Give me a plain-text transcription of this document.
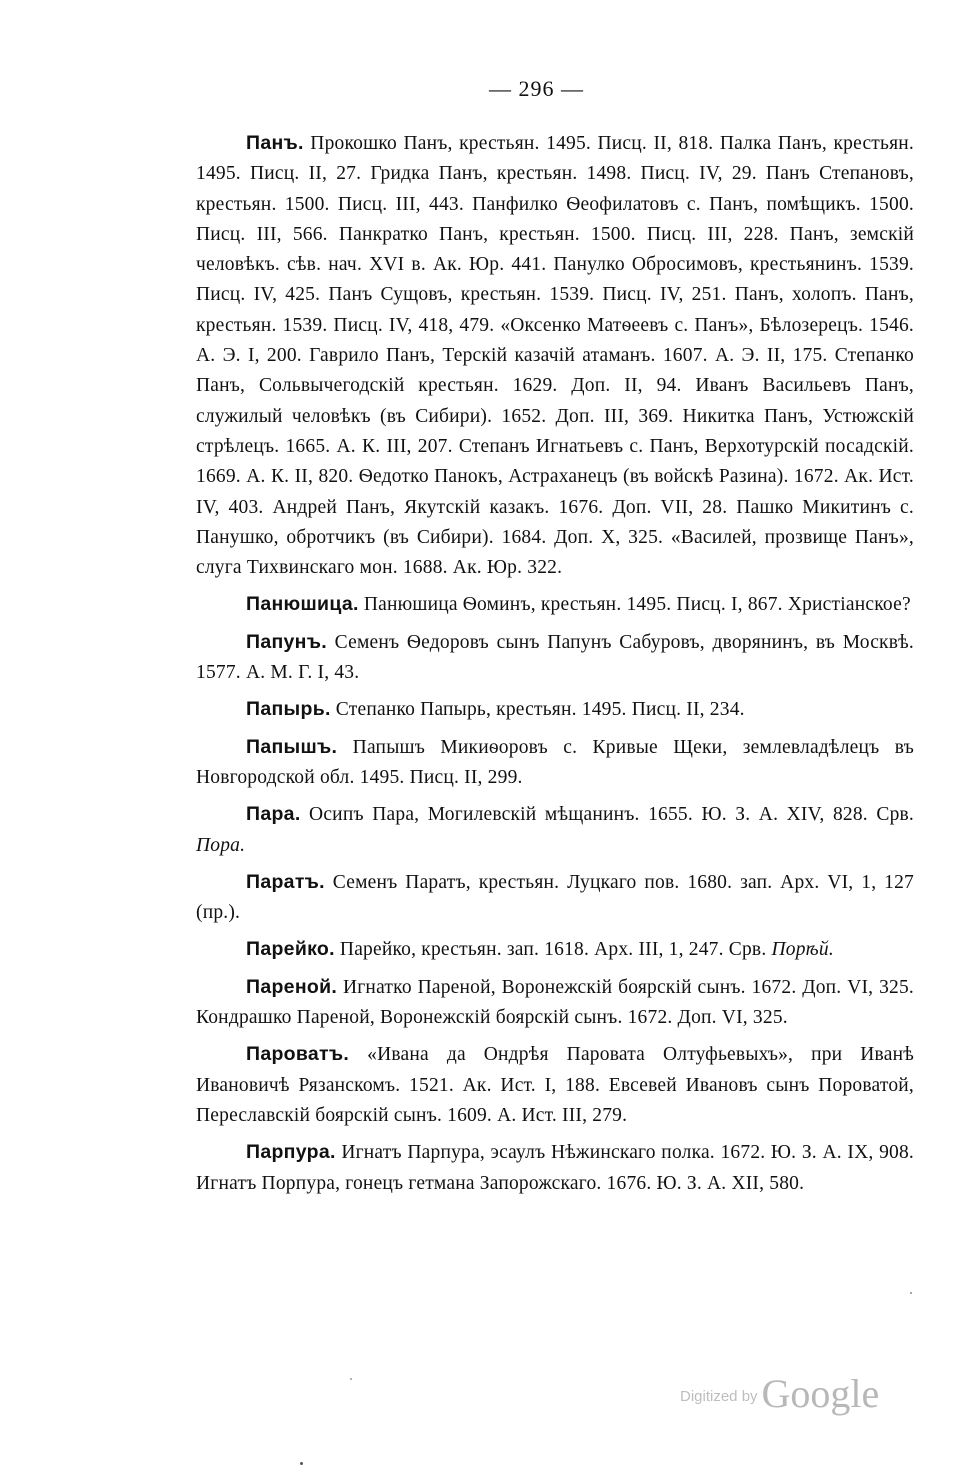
— 296 —
Панъ. Прокошко Панъ, крестьян. 1495. Писц. II, 818. Палка Панъ, крестьян. 1495. Писц. II, 27. Гридка Панъ, крестьян. 1498. Писц. IV, 29. Панъ Степановъ, крестьян. 1500. Писц. III, 443. Панфилко Ѳеофилатовъ с. Панъ, помѣщикъ. 1500. Писц. III, 566. Панкратко Панъ, крестьян. 1500. Писц. III, 228. Панъ, земскій человѣкъ. сѣв. нач. XVI в. Ак. Юр. 441. Панулко Обросимовъ, крестьянинъ. 1539. Писц. IV, 425. Панъ Сущовъ, крестьян. 1539. Писц. IV, 251. Панъ, холопъ. Панъ, крестьян. 1539. Писц. IV, 418, 479. «Оксенко Матѳеевъ с. Панъ», Бѣлозерецъ. 1546. А. Э. I, 200. Гаврило Панъ, Терскій казачій атаманъ. 1607. А. Э. II, 175. Степанко Панъ, Сольвычегодскій крестьян. 1629. Доп. II, 94. Иванъ Васильевъ Панъ, служилый человѣкъ (въ Сибири). 1652. Доп. III, 369. Никитка Панъ, Устюжскій стрѣлецъ. 1665. А. К. III, 207. Степанъ Игнатьевъ с. Панъ, Верхотурскій посадскій. 1669. А. К. II, 820. Ѳедотко Панокъ, Астраханецъ (въ войскѣ Разина). 1672. Ак. Ист. IV, 403. Андрей Панъ, Якутскій казакъ. 1676. Доп. VII, 28. Пашко Микитинъ с. Панушко, обротчикъ (въ Сибири). 1684. Доп. X, 325. «Василей, прозвище Панъ», слуга Тихвинскаго мон. 1688. Ак. Юр. 322.
Панюшица. Панюшица Ѳоминъ, крестьян. 1495. Писц. I, 867. Христіанское?
Папунъ. Семенъ Ѳедоровъ сынъ Папунъ Сабуровъ, дворянинъ, въ Москвѣ. 1577. А. М. Г. I, 43.
Папырь. Степанко Папырь, крестьян. 1495. Писц. II, 234.
Папышъ. Папышъ Микиѳоровъ с. Кривые Щеки, землевладѣлецъ въ Новгородской обл. 1495. Писц. II, 299.
Пара. Осипъ Пара, Могилевскій мѣщанинъ. 1655. Ю. З. А. XIV, 828. Срв. Пора.
Паратъ. Семенъ Паратъ, крестьян. Луцкаго пов. 1680. зап. Арх. VI, 1, 127 (пр.).
Парейко. Парейко, крестьян. зап. 1618. Арх. III, 1, 247. Срв. Порѣй.
Пареной. Игнатко Пареной, Воронежскій боярскій сынъ. 1672. Доп. VI, 325. Кондрашко Пареной, Воронежскій боярскій сынъ. 1672. Доп. VI, 325.
Пароватъ. «Ивана да Ондрѣя Паровата Олтуфьевыхъ», при Иванѣ Ивановичѣ Рязанскомъ. 1521. Ак. Ист. I, 188. Евсевей Ивановъ сынъ Пороватой, Переславскій боярскій сынъ. 1609. А. Ист. III, 279.
Парпура. Игнатъ Парпура, эсаулъ Нѣжинскаго полка. 1672. Ю. З. А. IX, 908. Игнатъ Порпура, гонецъ гетмана Запорожскаго. 1676. Ю. З. А. XII, 580.
Digitized by Google
